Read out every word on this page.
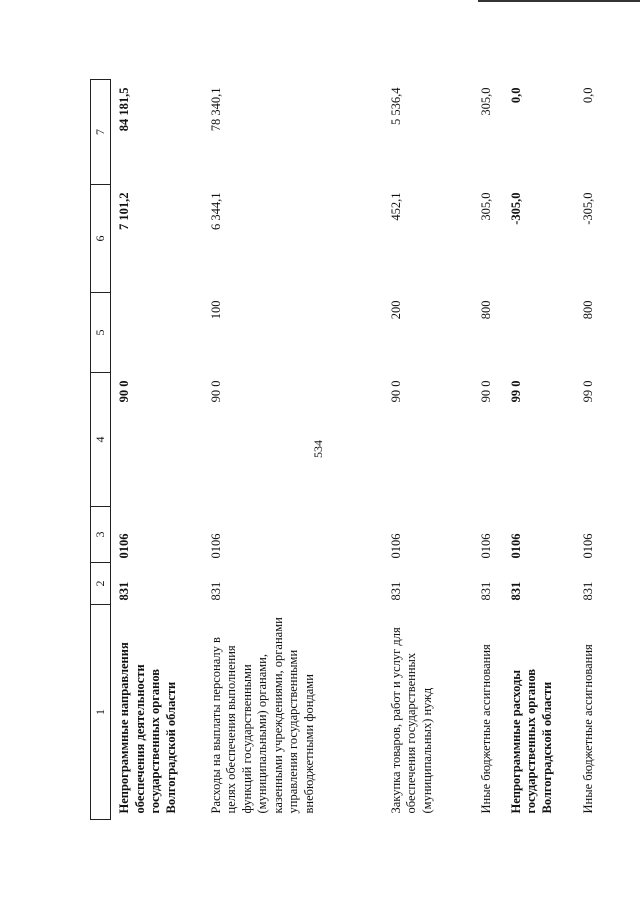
534
1	2	3	4	5	6	7
Непрограммные направления обеспечения деятельности государственных органов Волгоградской области	831	0106	90 0		7 101,2	84 181,5
Расходы на выплаты персоналу в целях обеспечения выполнения функций государственными (муниципальными) органами, казенными учреждениями, органами управления государственными внебюджетными фондами	831	0106	90 0	100	6 344,1	78 340,1
Закупка товаров, работ и услуг для обеспечения государственных (муниципальных) нужд	831	0106	90 0	200	452,1	5 536,4
Иные бюджетные ассигнования	831	0106	90 0	800	305,0	305,0
Непрограммные расходы государственных органов Волгоградской области	831	0106	99 0		-305,0	0,0
Иные бюджетные ассигнования	831	0106	99 0	800	-305,0	0,0
